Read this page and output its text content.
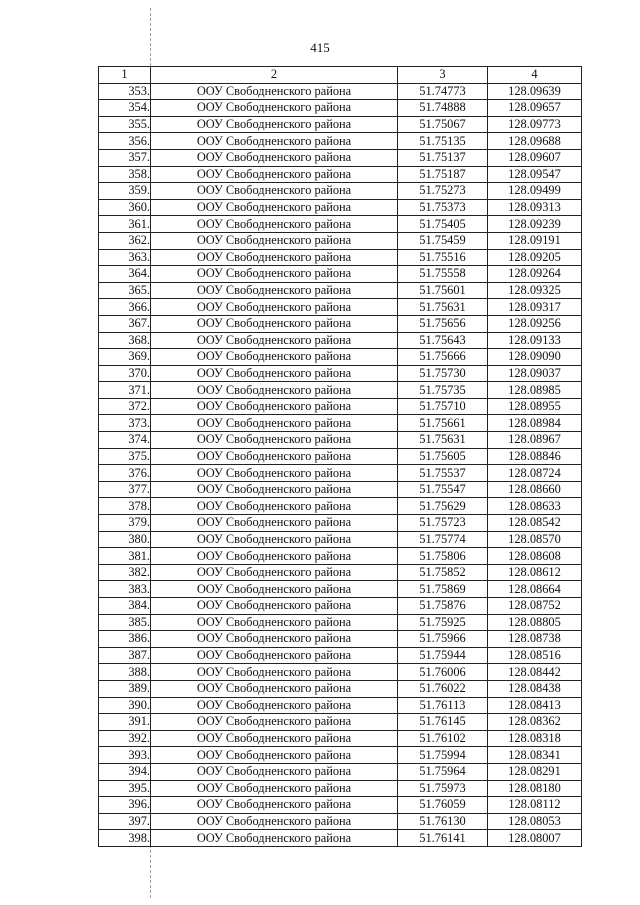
415
1	2	3	4
353.	ООУ Свободненского района	51.74773	128.09639
354.	ООУ Свободненского района	51.74888	128.09657
355.	ООУ Свободненского района	51.75067	128.09773
356.	ООУ Свободненского района	51.75135	128.09688
357.	ООУ Свободненского района	51.75137	128.09607
358.	ООУ Свободненского района	51.75187	128.09547
359.	ООУ Свободненского района	51.75273	128.09499
360.	ООУ Свободненского района	51.75373	128.09313
361.	ООУ Свободненского района	51.75405	128.09239
362.	ООУ Свободненского района	51.75459	128.09191
363.	ООУ Свободненского района	51.75516	128.09205
364.	ООУ Свободненского района	51.75558	128.09264
365.	ООУ Свободненского района	51.75601	128.09325
366.	ООУ Свободненского района	51.75631	128.09317
367.	ООУ Свободненского района	51.75656	128.09256
368.	ООУ Свободненского района	51.75643	128.09133
369.	ООУ Свободненского района	51.75666	128.09090
370.	ООУ Свободненского района	51.75730	128.09037
371.	ООУ Свободненского района	51.75735	128.08985
372.	ООУ Свободненского района	51.75710	128.08955
373.	ООУ Свободненского района	51.75661	128.08984
374.	ООУ Свободненского района	51.75631	128.08967
375.	ООУ Свободненского района	51.75605	128.08846
376.	ООУ Свободненского района	51.75537	128.08724
377.	ООУ Свободненского района	51.75547	128.08660
378.	ООУ Свободненского района	51.75629	128.08633
379.	ООУ Свободненского района	51.75723	128.08542
380.	ООУ Свободненского района	51.75774	128.08570
381.	ООУ Свободненского района	51.75806	128.08608
382.	ООУ Свободненского района	51.75852	128.08612
383.	ООУ Свободненского района	51.75869	128.08664
384.	ООУ Свободненского района	51.75876	128.08752
385.	ООУ Свободненского района	51.75925	128.08805
386.	ООУ Свободненского района	51.75966	128.08738
387.	ООУ Свободненского района	51.75944	128.08516
388.	ООУ Свободненского района	51.76006	128.08442
389.	ООУ Свободненского района	51.76022	128.08438
390.	ООУ Свободненского района	51.76113	128.08413
391.	ООУ Свободненского района	51.76145	128.08362
392.	ООУ Свободненского района	51.76102	128.08318
393.	ООУ Свободненского района	51.75994	128.08341
394.	ООУ Свободненского района	51.75964	128.08291
395.	ООУ Свободненского района	51.75973	128.08180
396.	ООУ Свободненского района	51.76059	128.08112
397.	ООУ Свободненского района	51.76130	128.08053
398.	ООУ Свободненского района	51.76141	128.08007
